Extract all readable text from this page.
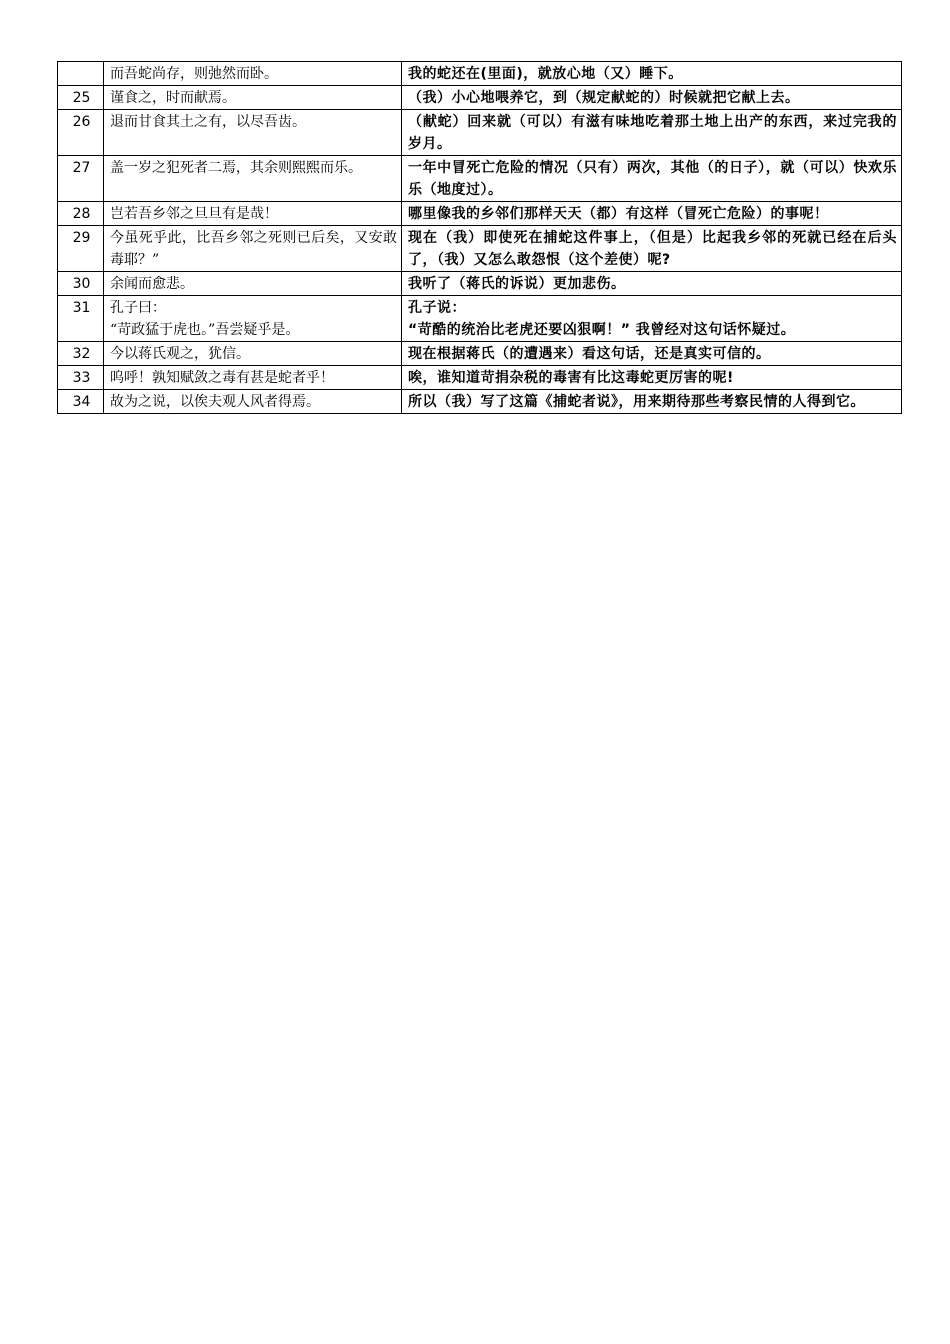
	而吾蛇尚存，则弛然而卧。	我的蛇还在(里面)，就放心地（又）睡下。

25	谨食之，时而献焉。	（我）小心地喂养它，到（规定献蛇的）时候就把它献上去。

26	退而甘食其土之有，以尽吾齿。	（献蛇）回来就（可以）有滋有味地吃着那土地上出产的东西，来过完我的岁月。

27	盖一岁之犯死者二焉，其余则熙熙而乐。	一年中冒死亡危险的情况（只有）两次，其他（的日子），就（可以）快欢乐乐（地度过）。

28	岂若吾乡邻之旦旦有是哉！	哪里像我的乡邻们那样天天（都）有这样（冒死亡危险）的事呢！

29	今虽死乎此，比吾乡邻之死则已后矣，又安敢毒耶？”	现在（我）即使死在捕蛇这件事上，（但是）比起我乡邻的死就已经在后头了，（我）又怎么敢怨恨（这个差使）呢?

30	余闻而愈悲。	我听了（蒋氏的诉说）更加悲伤。

31	孔子曰：
“苛政猛于虎也。”吾尝疑乎是。	孔子说：
“苛酷的统治比老虎还要凶狠啊！” 我曾经对这句话怀疑过。

32	今以蒋氏观之，犹信。	现在根据蒋氏（的遭遇来）看这句话，还是真实可信的。

33	呜呼！孰知赋敛之毒有甚是蛇者乎！	唉，谁知道苛捐杂税的毒害有比这毒蛇更厉害的呢!

34	故为之说，以俟夫观人风者得焉。	所以（我）写了这篇《捕蛇者说》，用来期待那些考察民情的人得到它。
